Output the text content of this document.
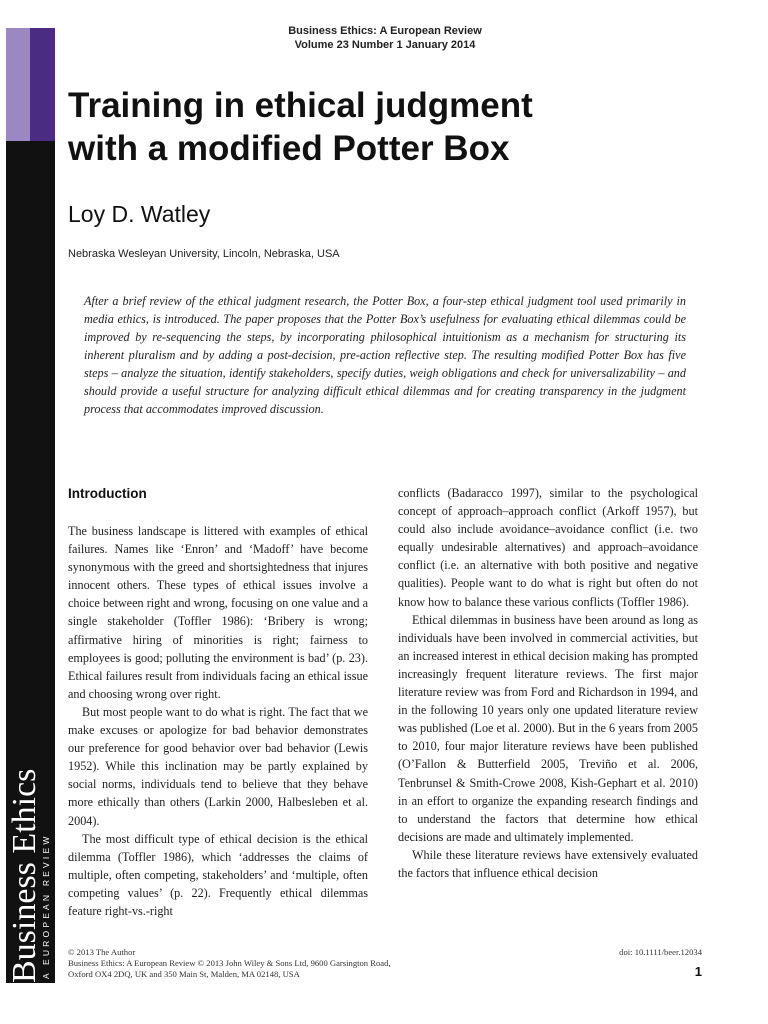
Business Ethics
A EUROPEAN REVIEW
Business Ethics: A European Review
Volume 23 Number 1 January 2014
Training in ethical judgment
with a modified Potter Box
Loy D. Watley
Nebraska Wesleyan University, Lincoln, Nebraska, USA

After a brief review of the ethical judgment research, the Potter Box, a four-step ethical judgment tool used primarily in media ethics, is introduced. The paper proposes that the Potter Box’s usefulness for evaluating ethical dilemmas could be improved by re-sequencing the steps, by incorporating philosophical intuitionism as a mechanism for structuring its inherent pluralism and by adding a post-decision, pre-action reflective step. The resulting modified Potter Box has five steps – analyze the situation, identify stakeholders, specify duties, weigh obligations and check for universalizability – and should provide a useful structure for analyzing difficult ethical dilemmas and for creating transparency in the judgment process that accommodates improved discussion.

Introduction

The business landscape is littered with examples of ethical failures. Names like ‘Enron’ and ‘Madoff’ have become synonymous with the greed and shortsightedness that injures innocent others. These types of ethical issues involve a choice between right and wrong, focusing on one value and a single stakeholder (Toffler 1986): ‘Bribery is wrong; affirmative hiring of minorities is right; fairness to employees is good; polluting the environment is bad’ (p. 23). Ethical failures result from individuals facing an ethical issue and choosing wrong over right.

But most people want to do what is right. The fact that we make excuses or apologize for bad behavior demonstrates our preference for good behavior over bad behavior (Lewis 1952). While this inclination may be partly explained by social norms, individuals tend to believe that they behave more ethically than others (Larkin 2000, Halbesleben et al. 2004).

The most difficult type of ethical decision is the ethical dilemma (Toffler 1986), which ‘addresses the claims of multiple, often competing, stakeholders’ and ‘multiple, often competing values’ (p. 22). Frequently ethical dilemmas feature right-vs.-right

conflicts (Badaracco 1997), similar to the psychological concept of approach–approach conflict (Arkoff 1957), but could also include avoidance–avoidance conflict (i.e. two equally undesirable alternatives) and approach–avoidance conflict (i.e. an alternative with both positive and negative qualities). People want to do what is right but often do not know how to balance these various conflicts (Toffler 1986).

Ethical dilemmas in business have been around as long as individuals have been involved in commercial activities, but an increased interest in ethical decision making has prompted increasingly frequent literature reviews. The first major literature review was from Ford and Richardson in 1994, and in the following 10 years only one updated literature review was published (Loe et al. 2000). But in the 6 years from 2005 to 2010, four major literature reviews have been published (O’Fallon & Butterfield 2005, Treviño et al. 2006, Tenbrunsel & Smith-Crowe 2008, Kish-Gephart et al. 2010) in an effort to organize the expanding research findings and to understand the factors that determine how ethical decisions are made and ultimately implemented.

While these literature reviews have extensively evaluated the factors that influence ethical decision

© 2013 The Author
Business Ethics: A European Review © 2013 John Wiley & Sons Ltd, 9600 Garsington Road,
Oxford OX4 2DQ, UK and 350 Main St, Malden, MA 02148, USA
doi: 10.1111/beer.12034
1
